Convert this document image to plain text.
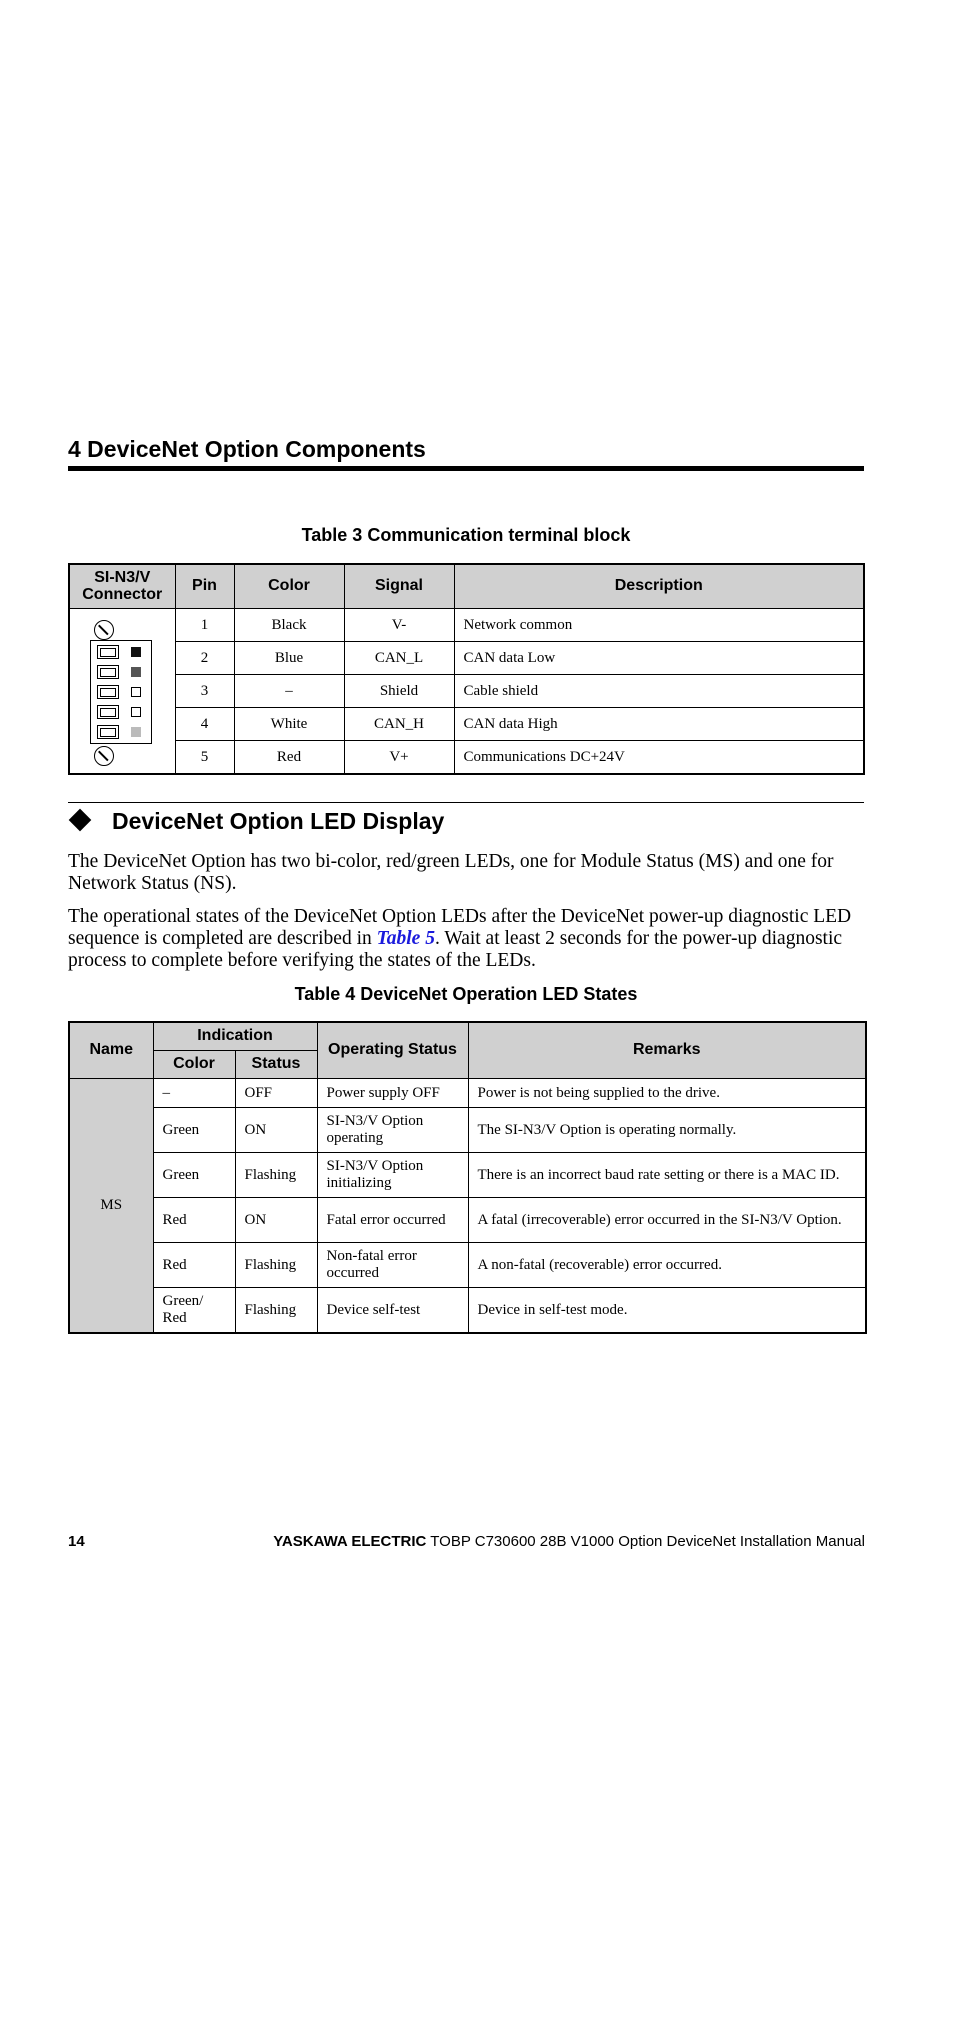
4 DeviceNet Option Components

Table 3 Communication terminal block

SI-N3/V Connector	Pin	Color	Signal	Description

	1	Black	V-	Network common
	2	Blue	CAN_L	CAN data Low
	3	–	Shield	Cable shield
	4	White	CAN_H	CAN data High
	5	Red	V+	Communications DC+24V
DeviceNet Option LED Display

The DeviceNet Option has two bi-color, red/green LEDs, one for Module Status (MS) and one for Network Status (NS).

The operational states of the DeviceNet Option LEDs after the DeviceNet power-up diagnostic LED sequence is completed are described in Table 5. Wait at least 2 seconds for the power-up diagnostic process to complete before verifying the states of the LEDs.

Table 4 DeviceNet Operation LED States

Name	Indication		Operating Status	Remarks
	Color	Status		
MS	–	OFF	Power supply OFF	Power is not being supplied to the drive.
	Green	ON	SI-N3/V Option operating	The SI-N3/V Option is operating normally.
	Green	Flashing	SI-N3/V Option initializing	There is an incorrect baud rate setting or there is a MAC ID.
	Red	ON	Fatal error occurred	A fatal (irrecoverable) error occurred in the SI-N3/V Option.
	Red	Flashing	Non-fatal error occurred	A non-fatal (recoverable) error occurred.
	Green/ Red	Flashing	Device self-test	Device in self-test mode.

14	YASKAWA ELECTRIC TOBP C730600 28B V1000 Option DeviceNet Installation Manual
